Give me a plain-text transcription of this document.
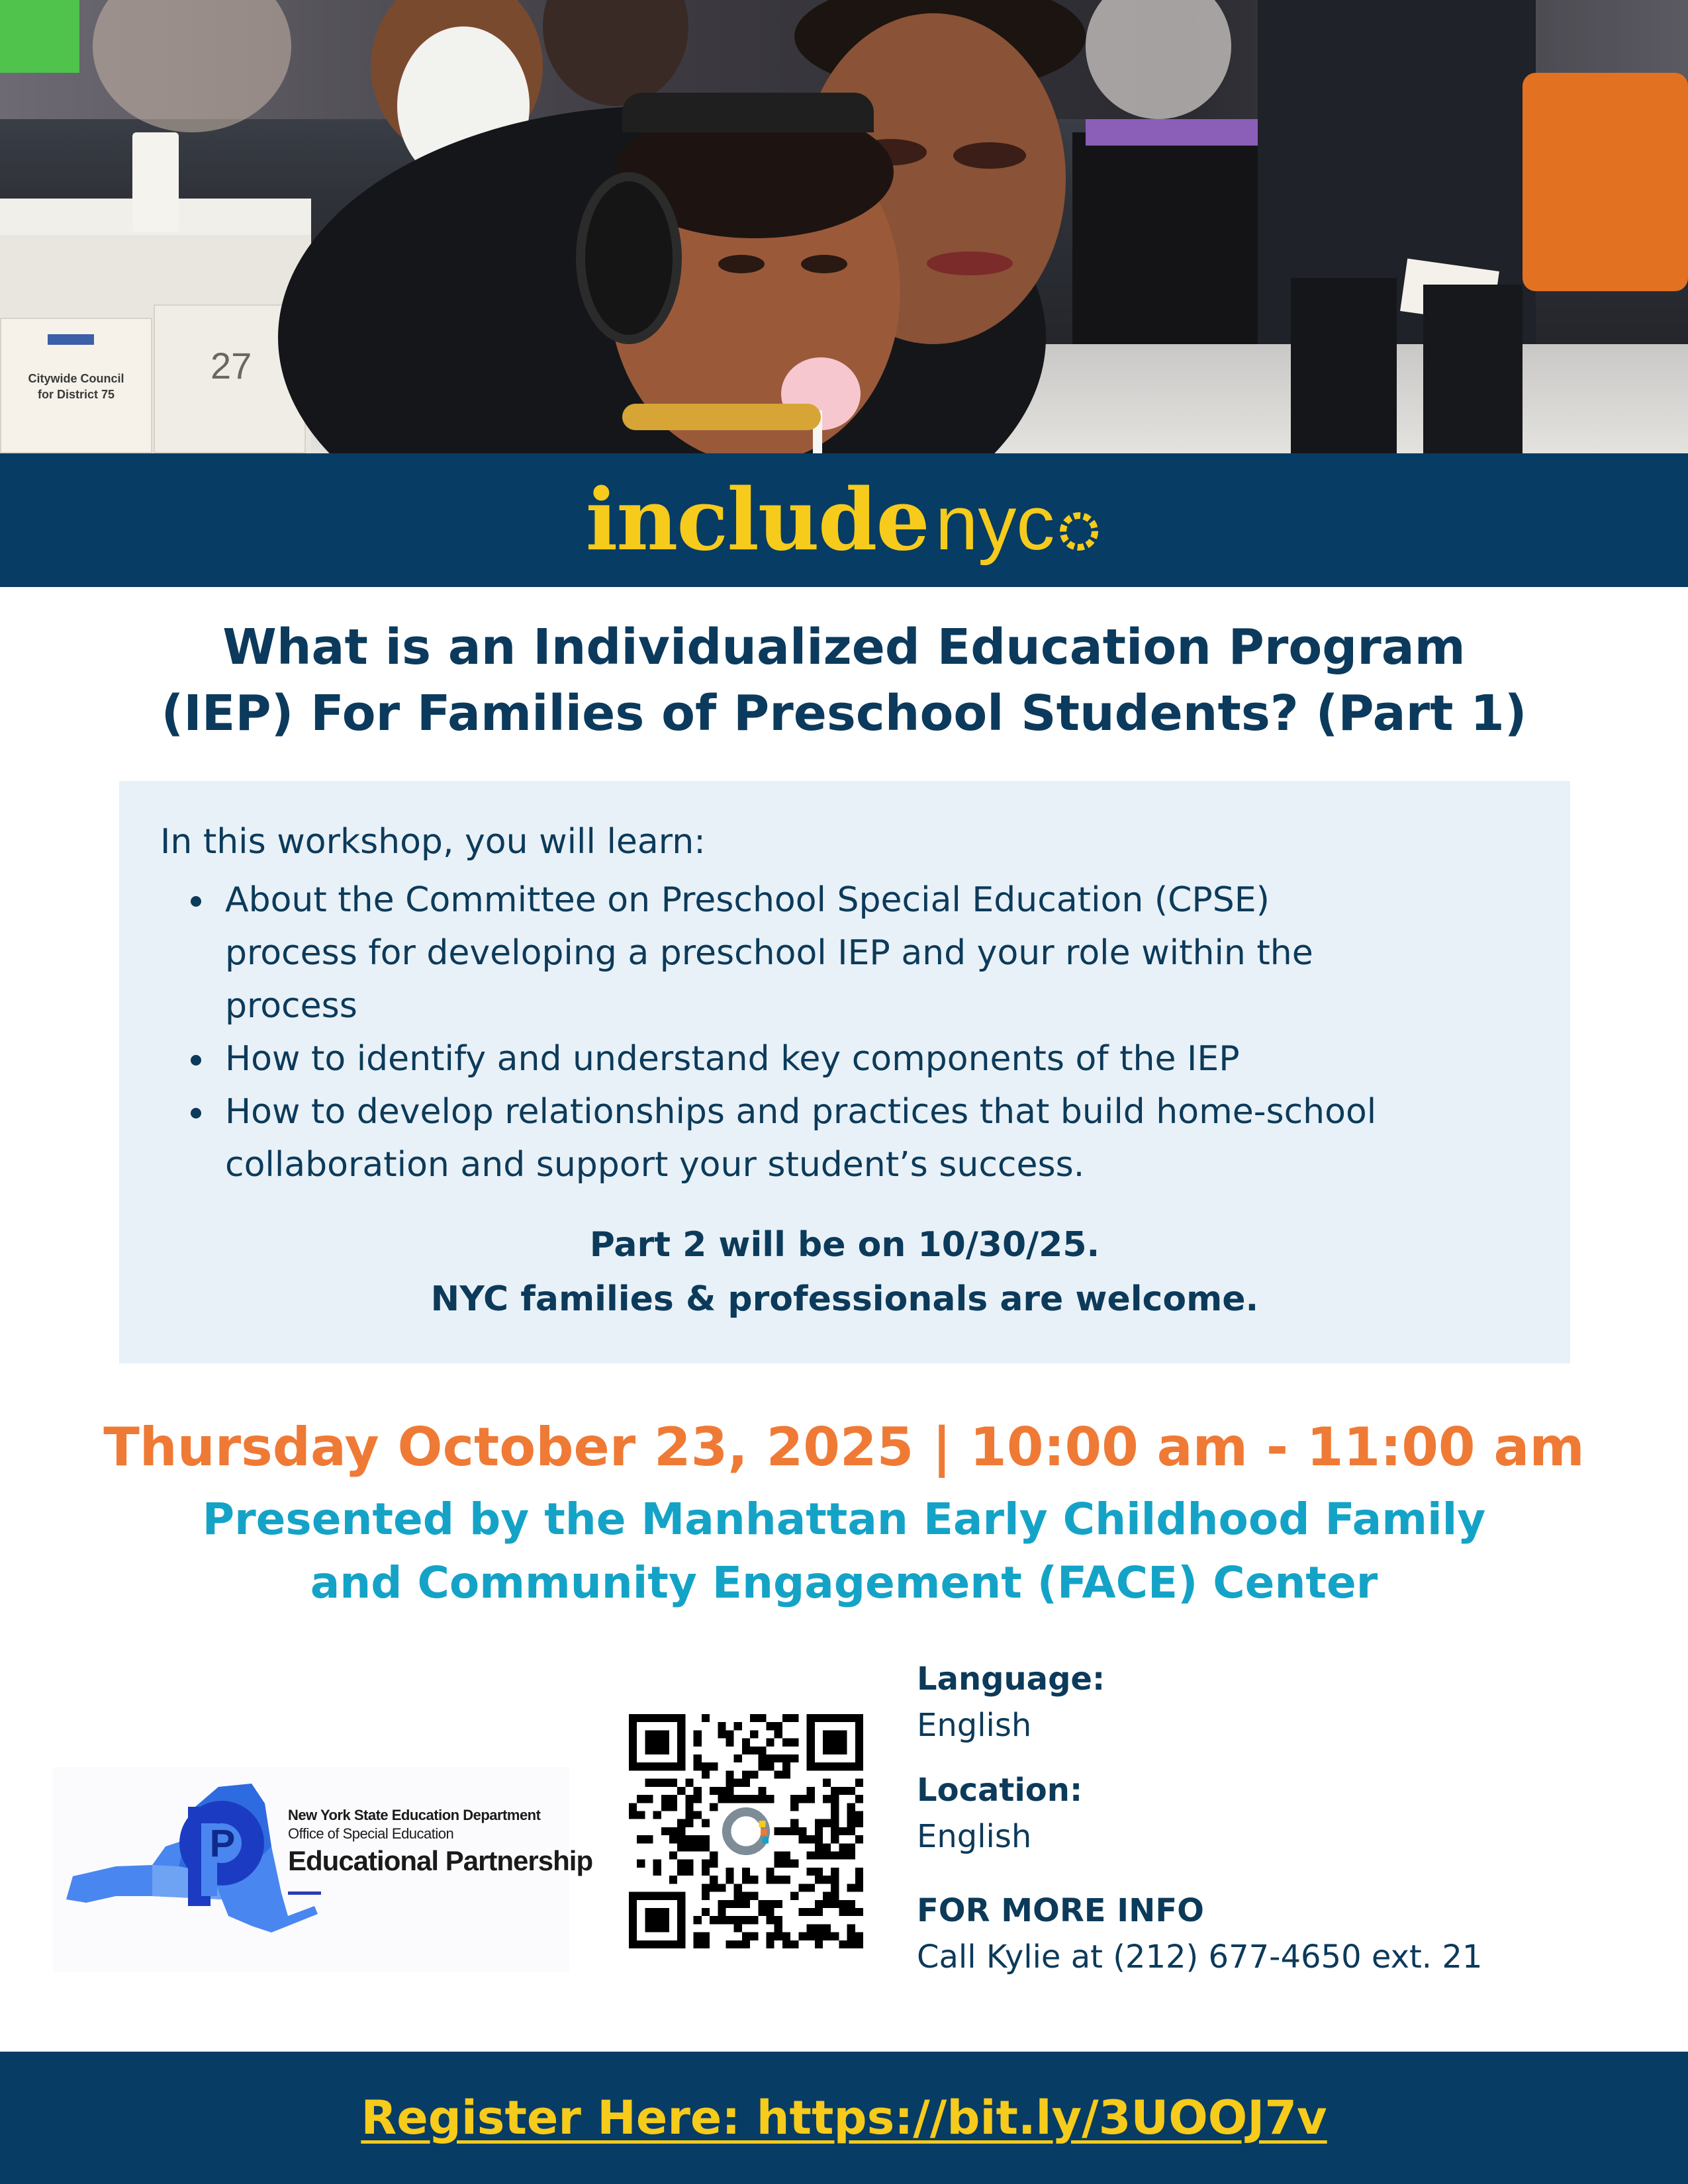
Citywide Council
for District 75
27
include nyc
What is an Individualized Education Program
(IEP) For Families of Preschool Students? (Part 1)
In this workshop, you will learn:
About the Committee on Preschool Special Education (CPSE)
process for developing a preschool IEP and your role within the
process
How to identify and understand key components of the IEP
How to develop relationships and practices that build home-school
collaboration and support your student’s success.
Part 2 will be on 10/30/25.
NYC families & professionals are welcome.
Thursday October 23, 2025 | 10:00 am - 11:00 am
Presented by the Manhattan Early Childhood Family
and Community Engagement (FACE) Center
P
New York State Education Department
Office of Special Education
Educational Partnership
Language:
English
Location:
English
FOR MORE INFO
Call Kylie at (212) 677-4650 ext. 21
Register Here: https://bit.ly/3UOOJ7v
